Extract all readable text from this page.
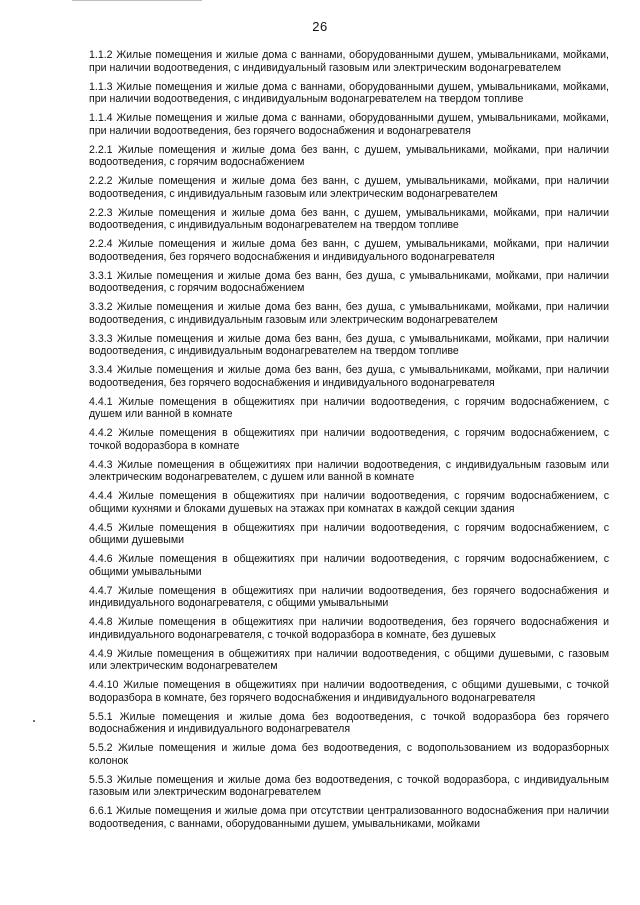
26

1.1.2 Жилые помещения и жилые дома с ваннами, оборудованными душем, умывальниками, мойками, при наличии водоотведения, с индивидуальный газовым или электрическим водонагревателем

1.1.3 Жилые помещения и жилые дома с ваннами, оборудованными душем, умывальниками, мойками, при наличии водоотведения, с индивидуальным водонагревателем на твердом топливе

1.1.4 Жилые помещения и жилые дома с ваннами, оборудованными душем, умывальниками, мойками, при наличии водоотведения, без горячего водоснабжения и водонагревателя

2.2.1 Жилые помещения и жилые дома без ванн, с душем, умывальниками, мойками, при наличии водоотведения, с горячим водоснабжением

2.2.2 Жилые помещения и жилые дома без ванн, с душем, умывальниками, мойками, при наличии водоотведения, с индивидуальным газовым или электрическим водонагревателем

2.2.3 Жилые помещения и жилые дома без ванн, с душем, умывальниками, мойками, при наличии водоотведения, с индивидуальным водонагревателем на твердом топливе

2.2.4 Жилые помещения и жилые дома без ванн, с душем, умывальниками, мойками, при наличии водоотведения, без горячего водоснабжения и индивидуального водонагревателя

3.3.1 Жилые помещения и жилые дома без ванн, без душа, с умывальниками, мойками, при наличии водоотведения, с горячим водоснабжением

3.3.2 Жилые помещения и жилые дома без ванн, без душа, с умывальниками, мойками, при наличии водоотведения, с индивидуальным газовым или электрическим водонагревателем

3.3.3 Жилые помещения и жилые дома без ванн, без душа, с умывальниками, мойками, при наличии водоотведения, с индивидуальным водонагревателем на твердом топливе

3.3.4 Жилые помещения и жилые дома без ванн, без душа, с умывальниками, мойками, при наличии водоотведения, без горячего водоснабжения и индивидуального водонагревателя

4.4.1 Жилые помещения в общежитиях при наличии водоотведения, с горячим водоснабжением, с душем или ванной в комнате

4.4.2 Жилые помещения в общежитиях при наличии водоотведения, с горячим водоснабжением, с точкой водоразбора в комнате

4.4.3 Жилые помещения в общежитиях при наличии водоотведения, с индивидуальным газовым или электрическим водонагревателем, с душем или ванной в комнате

4.4.4 Жилые помещения в общежитиях при наличии водоотведения, с горячим водоснабжением, с общими кухнями и блоками душевых на этажах при комнатах в каждой секции здания

4.4.5 Жилые помещения в общежитиях при наличии водоотведения, с горячим водоснабжением, с общими душевыми

4.4.6 Жилые помещения в общежитиях при наличии водоотведения, с горячим водоснабжением, с общими умывальными

4.4.7 Жилые помещения в общежитиях при наличии водоотведения, без горячего водоснабжения и индивидуального водонагревателя, с общими умывальными

4.4.8 Жилые помещения в общежитиях при наличии водоотведения, без горячего водоснабжения и индивидуального водонагревателя, с точкой водоразбора в комнате, без душевых

4.4.9 Жилые помещения в общежитиях при наличии водоотведения, с общими душевыми, с газовым или электрическим водонагревателем

4.4.10 Жилые помещения в общежитиях при наличии водоотведения, с общими душевыми, с точкой водоразбора в комнате, без горячего водоснабжения и индивидуального водонагревателя

5.5.1 Жилые помещения и жилые дома без водоотведения, с точкой водоразбора без горячего водоснабжения и индивидуального водонагревателя

5.5.2 Жилые помещения и жилые дома без водоотведения, с водопользованием из водоразборных колонок

5.5.3 Жилые помещения и жилые дома без водоотведения, с точкой водоразбора, с индивидуальным газовым или электрическим водонагревателем

6.6.1 Жилые помещения и жилые дома при отсутствии централизованного водоснабжения при наличии водоотведения, с ваннами, оборудованными душем, умывальниками, мойками
